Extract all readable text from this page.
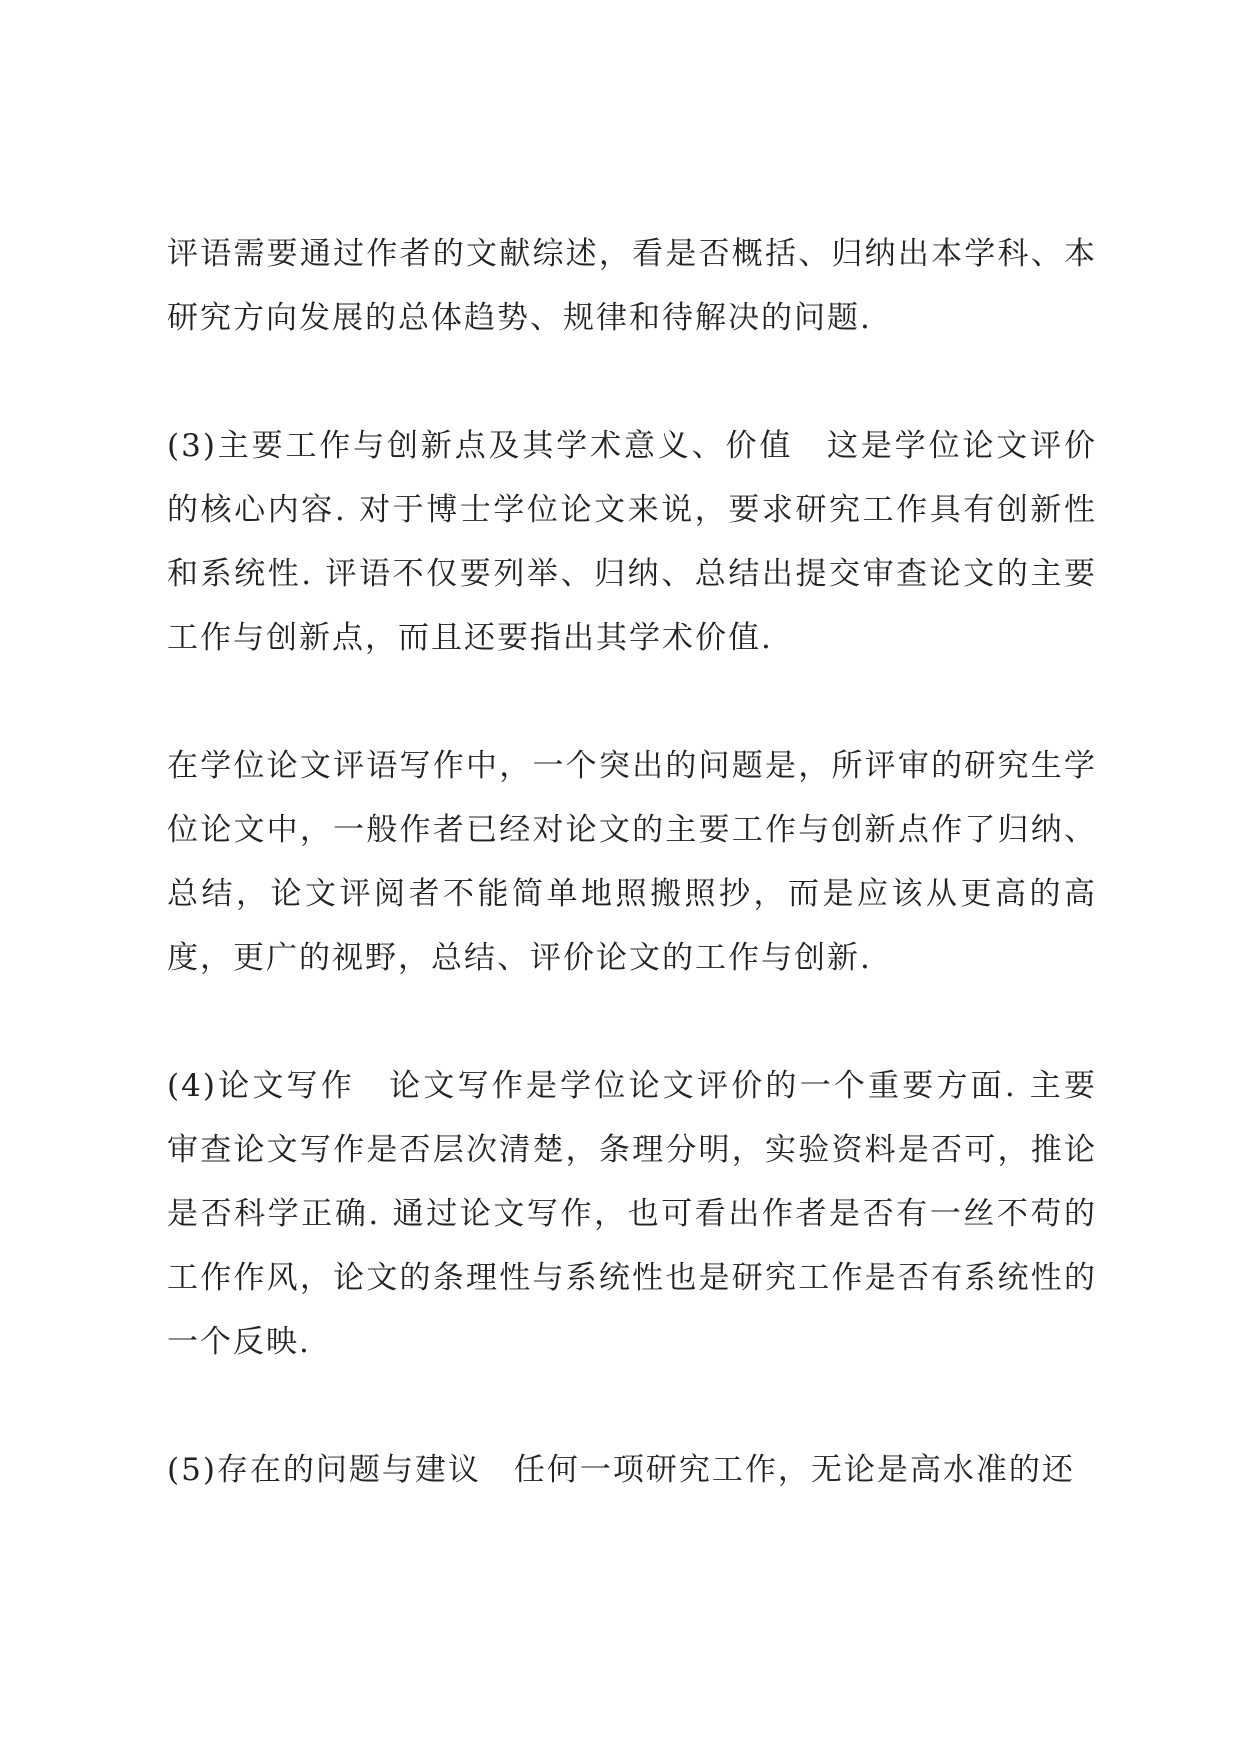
评语需要通过作者的文献综述，看是否概括、归纳出本学科、本研究方向发展的总体趋势、规律和待解决的问题.

(3)主要工作与创新点及其学术意义、价值　这是学位论文评价的核心内容. 对于博士学位论文来说，要求研究工作具有创新性和系统性. 评语不仅要列举、归纳、总结出提交审查论文的主要工作与创新点，而且还要指出其学术价值.

在学位论文评语写作中，一个突出的问题是，所评审的研究生学位论文中，一般作者已经对论文的主要工作与创新点作了归纳、总结，论文评阅者不能简单地照搬照抄，而是应该从更高的高度，更广的视野，总结、评价论文的工作与创新.

(4)论文写作　论文写作是学位论文评价的一个重要方面. 主要审查论文写作是否层次清楚，条理分明，实验资料是否可，推论是否科学正确. 通过论文写作，也可看出作者是否有一丝不苟的工作作风，论文的条理性与系统性也是研究工作是否有系统性的一个反映.

(5)存在的问题与建议　任何一项研究工作，无论是高水准的还
